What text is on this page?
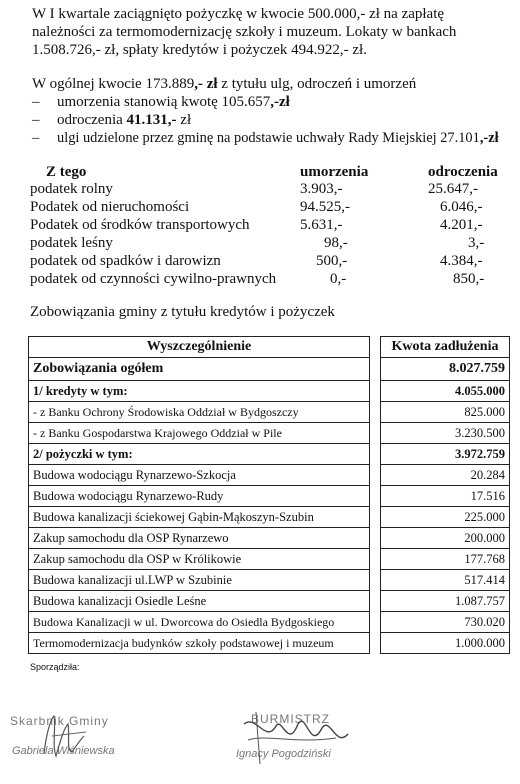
W I kwartale zaciągnięto pożyczkę w kwocie 500.000,- zł na zapłatę
należności za termomodernizację szkoły i muzeum. Lokaty w bankach
1.508.726,- zł, spłaty kredytów i pożyczek 494.922,- zł.
W ogólnej kwocie 173.889,- zł z tytułu ulg, odroczeń i umorzeń
– umorzenia stanowią kwotę 105.657,-zł
– odroczenia 41.131,- zł
– ulgi udzielone przez gminę na podstawie uchwały Rady Miejskiej 27.101,-zł
Z tego	umorzenia	odroczenia
podatek rolny	3.903,-	25.647,-
Podatek od nieruchomości	94.525,-	6.046,-
Podatek od środków transportowych	5.631,-	4.201,-
podatek leśny	98,-	3,-
podatek od spadków i darowizn	500,-	4.384,-
podatek od czynności cywilno-prawnych	0,-	850,-
Zobowiązania gminy z tytułu kredytów i pożyczek
Wyszczególnienie		Kwota zadłużenia
Zobowiązania ogółem		8.027.759
1/ kredyty w tym:		4.055.000
- z Banku Ochrony Środowiska Oddział w Bydgoszczy		825.000
- z Banku Gospodarstwa Krajowego Oddział w Pile		3.230.500
2/ pożyczki w tym:		3.972.759
Budowa wodociągu Rynarzewo-Szkocja		20.284
Budowa wodociągu Rynarzewo-Rudy		17.516
Budowa kanalizacji ściekowej Gąbin-Mąkoszyn-Szubin		225.000
Zakup samochodu dla OSP Rynarzewo		200.000
Zakup samochodu dla OSP w Królikowie		177.768
Budowa kanalizacji ul.LWP w Szubinie		517.414
Budowa kanalizacji Osiedle Leśne		1.087.757
Budowa Kanalizacji w ul. Dworcowa do Osiedla Bydgoskiego		730.020
Termomodernizacja budynków szkoły podstawowej i muzeum		1.000.000
Sporządziła:
Skarbnik Gminy
Gabriela Wiśniewska
BURMISTRZ
Ignacy Pogodziński
